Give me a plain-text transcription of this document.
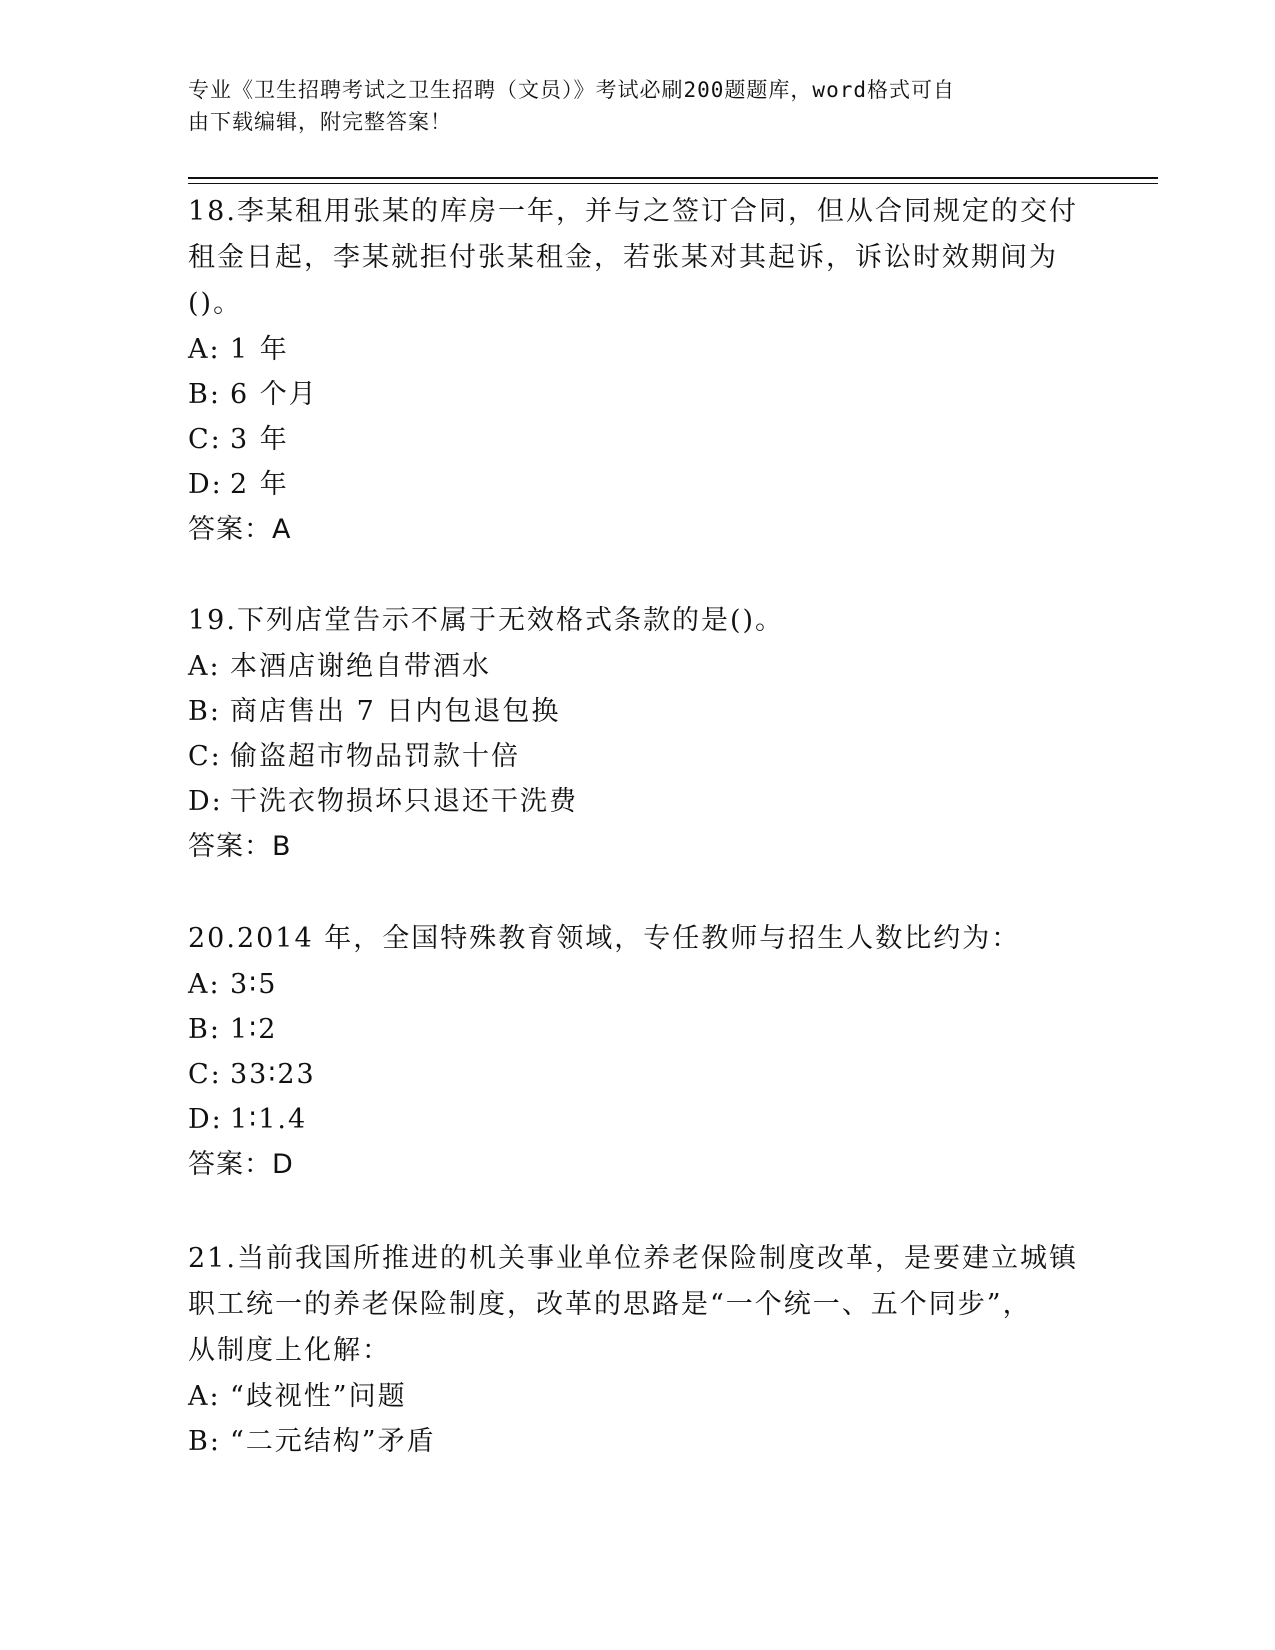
专业《卫生招聘考试之卫生招聘（文员）》考试必刷200题题库，word格式可自
由下载编辑，附完整答案！
18.李某租用张某的库房一年，并与之签订合同，但从合同规定的交付
租金日起，李某就拒付张某租金，若张某对其起诉，诉讼时效期间为
()。
A: 1 年
B: 6 个月
C: 3 年
D: 2 年
答案：A
19.下列店堂告示不属于无效格式条款的是()。
A: 本酒店谢绝自带酒水
B: 商店售出 7 日内包退包换
C: 偷盗超市物品罚款十倍
D: 干洗衣物损坏只退还干洗费
答案：B
20.2014 年，全国特殊教育领域，专任教师与招生人数比约为：
A: 3∶5
B: 1∶2
C: 33∶23
D: 1∶1.4
答案：D
21.当前我国所推进的机关事业单位养老保险制度改革，是要建立城镇
职工统一的养老保险制度，改革的思路是“一个统一、五个同步”，
从制度上化解：
A: “歧视性”问题
B: “二元结构”矛盾
